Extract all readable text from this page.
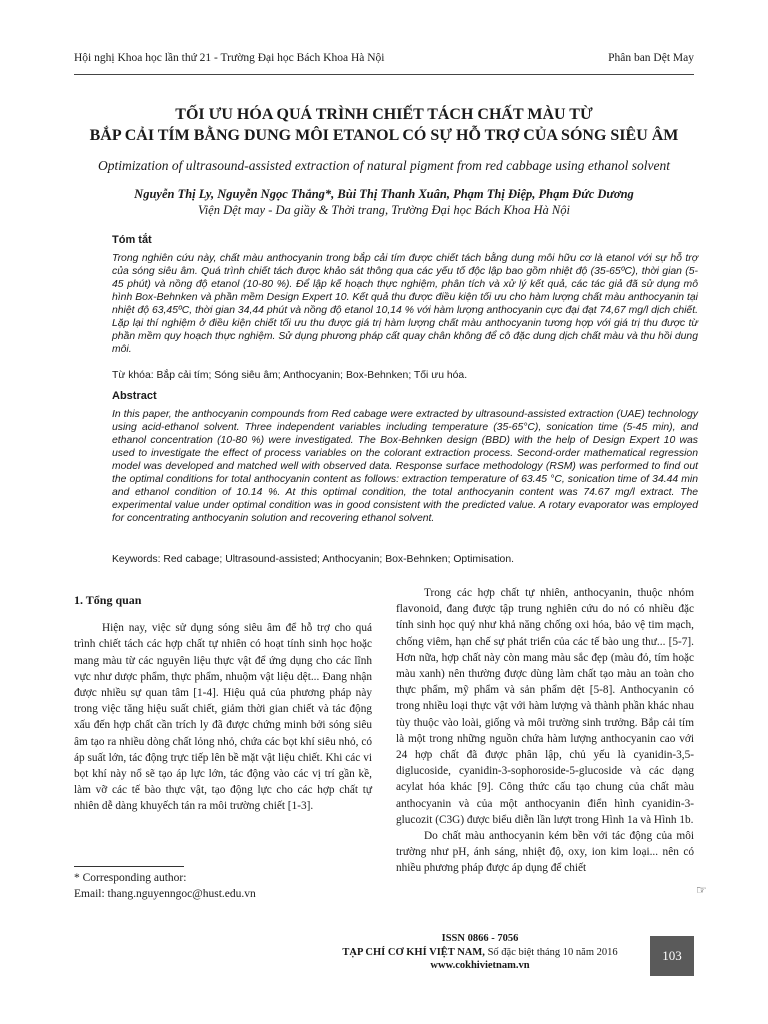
Hội nghị Khoa học lần thứ 21 - Trường Đại học Bách Khoa Hà Nội	Phân ban Dệt May
TỐI ƯU HÓA QUÁ TRÌNH CHIẾT TÁCH CHẤT MÀU TỪ
BẮP CẢI TÍM BẰNG DUNG MÔI ETANOL CÓ SỰ HỖ TRỢ CỦA SÓNG SIÊU ÂM
Optimization of ultrasound-assisted extraction of natural pigment from red cabbage using ethanol solvent
Nguyễn Thị Ly, Nguyễn Ngọc Thắng*, Bùi Thị Thanh Xuân, Phạm Thị Điệp, Phạm Đức Dương
Viện Dệt may - Da giầy & Thời trang, Trường Đại học Bách Khoa Hà Nội
Tóm tắt

Trong nghiên cứu này, chất màu anthocyanin trong bắp cải tím được chiết tách bằng dung môi hữu cơ là etanol với sự hỗ trợ của sóng siêu âm. Quá trình chiết tách được khảo sát thông qua các yếu tố độc lập bao gồm nhiệt độ (35-65ºC), thời gian (5-45 phút) và nồng độ etanol (10-80 %). Để lập kế hoạch thực nghiệm, phân tích và xử lý kết quả, các tác giả đã sử dụng mô hình Box-Behnken và phần mềm Design Expert 10. Kết quả thu được điều kiện tối ưu cho hàm lượng chất màu anthocyanin tại nhiệt độ 63,45ºC, thời gian 34,44 phút và nồng độ etanol 10,14 % với hàm lượng anthocyanin cực đại đạt 74,67 mg/l dịch chiết. Lặp lại thí nghiệm ở điều kiện chiết tối ưu thu được giá trị hàm lượng chất màu anthocyanin tương hợp với giá trị thu được từ phần mềm quy hoạch thực nghiệm. Sử dụng phương pháp cất quay chân không để cô đặc dung dịch chất màu và thu hồi dung môi.

Từ khóa: Bắp cải tím; Sóng siêu âm; Anthocyanin; Box-Behnken; Tối ưu hóa.

Abstract

In this paper, the anthocyanin compounds from Red cabage were extracted by ultrasound-assisted extraction (UAE) technology using acid-ethanol solvent. Three independent variables including temperature (35-65°C), sonication time (5-45 min), and ethanol concentration (10-80 %) were investigated. The Box-Behnken design (BBD) with the help of Design Expert 10 was used to investigate the effect of process variables on the colorant extraction process. Second-order mathematical regression model was developed and matched well with observed data. Response surface methodology (RSM) was performed to find out the optimal conditions for total anthocyanin content as follows: extraction temperature of 63.45 °C, sonication time of 34.44 min and ethanol condition of 10.14 %. At this optimal condition, the total anthocyanin content was 74.67 mg/l extract. The experimental value under optimal condition was in good consistent with the predicted value. A rotary evaporator was employed for concentrating anthocyanin solution and recovering ethanol solvent.

Keywords: Red cabage; Ultrasound-assisted; Anthocyanin; Box-Behnken; Optimisation.

1. Tổng quan

Hiện nay, việc sử dụng sóng siêu âm để hỗ trợ cho quá trình chiết tách các hợp chất tự nhiên có hoạt tính sinh học hoặc mang màu từ các nguyên liệu thực vật để ứng dụng cho các lĩnh vực như dược phẩm, thực phẩm, nhuộm vật liệu dệt... Đang nhận được nhiều sự quan tâm [1-4]. Hiệu quả của phương pháp này trong việc tăng hiệu suất chiết, giảm thời gian chiết và tác động xấu đến hợp chất cần trích ly đã được chứng minh bởi sóng siêu âm tạo ra nhiều dòng chất lỏng nhỏ, chứa các bọt khí siêu nhỏ, có áp suất lớn, tác động trực tiếp lên bề mặt vật liệu chiết. Khi các vi bọt khí này nổ sẽ tạo áp lực lớn, tác động vào các vị trí gần kề, làm vỡ các tế bào thực vật, tạo động lực cho các hợp chất tự nhiên dễ dàng khuyếch tán ra môi trường chiết [1-3].

Trong các hợp chất tự nhiên, anthocyanin, thuộc nhóm flavonoid, đang được tập trung nghiên cứu do nó có nhiều đặc tính sinh học quý như khả năng chống oxi hóa, bảo vệ tim mạch, chống viêm, hạn chế sự phát triển của các tế bào ung thư... [5-7]. Hơn nữa, hợp chất này còn mang màu sắc đẹp (màu đỏ, tím hoặc màu xanh) nên thường được dùng làm chất tạo màu an toàn cho thực phẩm, mỹ phẩm và sản phẩm dệt [5-8]. Anthocyanin có trong nhiều loại thực vật với hàm lượng và thành phần khác nhau tùy thuộc vào loài, giống và môi trường sinh trưởng. Bắp cải tím là một trong những nguồn chứa hàm lượng anthocyanin cao với 24 hợp chất đã được phân lập, chủ yếu là cyanidin-3,5-diglucoside, cyanidin-3-sophoroside-5-glucoside và các dạng acylat hóa khác [9]. Công thức cấu tạo chung của chất màu anthocyanin và của một anthocyanin điển hình cyanidin-3-glucozit (C3G) được biểu diễn lần lượt trong Hình 1a và Hình 1b.

Do chất màu anthocyanin kém bền với tác động của môi trường như pH, ánh sáng, nhiệt độ, oxy, ion kim loại... nên có nhiều phương pháp được áp dụng để chiết

☞
* Corresponding author:
Email: thang.nguyenngoc@hust.edu.vn
ISSN 0866 - 7056
TẠP CHÍ CƠ KHÍ VIỆT NAM, Số đặc biệt tháng 10 năm 2016
www.cokhivietnam.vn
103
